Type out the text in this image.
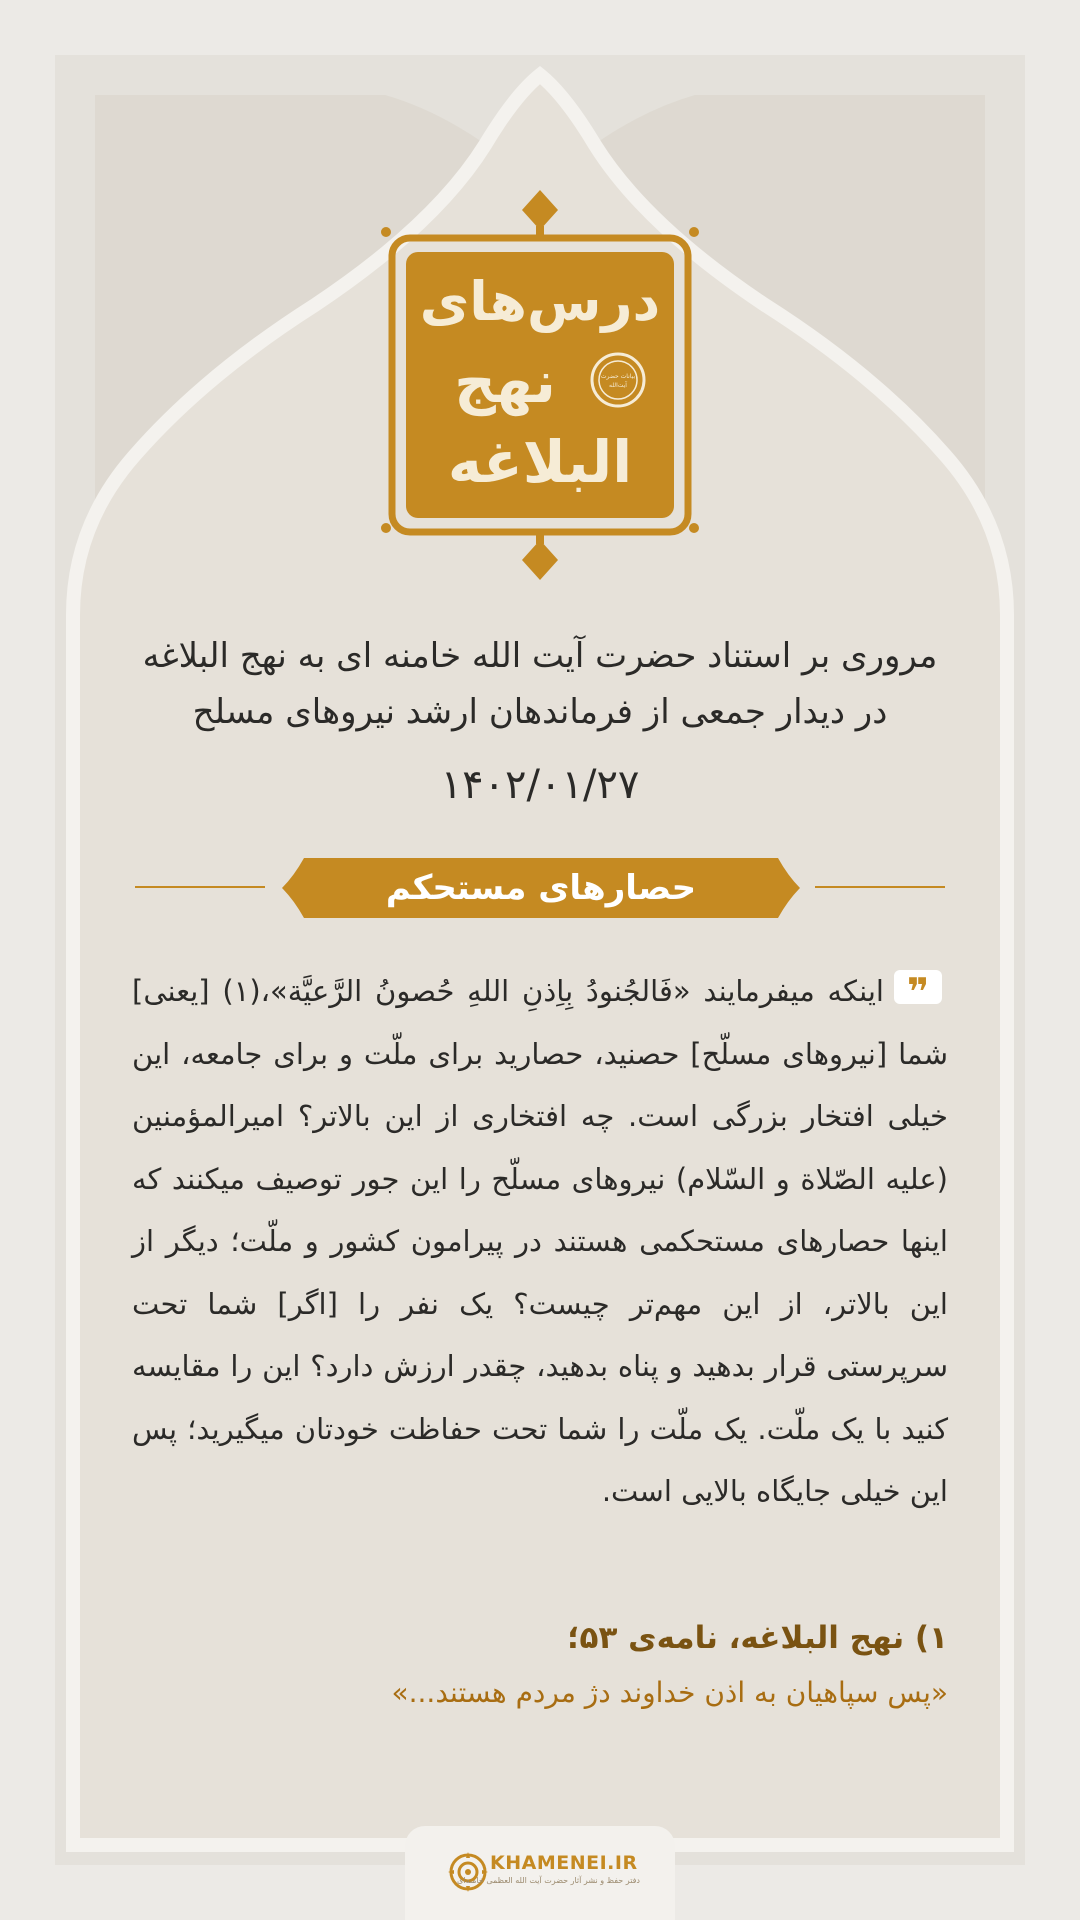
درس‌های
نهج
البلاغه
بیانات حضرت آیت‌الله
مروری بر استناد حضرت آیت الله خامنه ای به نهج البلاغه
در دیدار جمعی از فرماندهان ارشد نیروهای مسلح
۱۴۰۲/۰۱/۲۷
حصارهای مستحکم
❞
اینکه میفرمایند «فَالجُنودُ بِاِذنِ اللهِ حُصونُ الرَّعیَّة»،(۱) [یعنی] شما [نیروهای مسلّح] حصنید، حصارید برای ملّت و برای جامعه، این خیلی افتخار بزرگی است. چه افتخاری از این بالاتر؟ امیرالمؤمنین (علیه الصّلاة و السّلام) نیروهای مسلّح را این جور توصیف میکنند که اینها حصارهای مستحکمی هستند در پیرامون کشور و ملّت؛ دیگر از این بالاتر، از این مهم‌تر چیست؟ یک نفر را [اگر] شما تحت سرپرستی قرار بدهید و پناه بدهید، چقدر ارزش دارد؟ این را مقایسه کنید با یک ملّت. یک ملّت را شما تحت حفاظت خودتان میگیرید؛ پس این خیلی جایگاه بالایی است.
۱) نهج البلاغه، نامه‌ی ۵۳؛
«پس سپاهیان به اذن خداوند دژ مردم هستند...»
KHAMENEI.IR
دفتر حفظ و نشر آثار حضرت آیت الله العظمی خامنه‌ای
